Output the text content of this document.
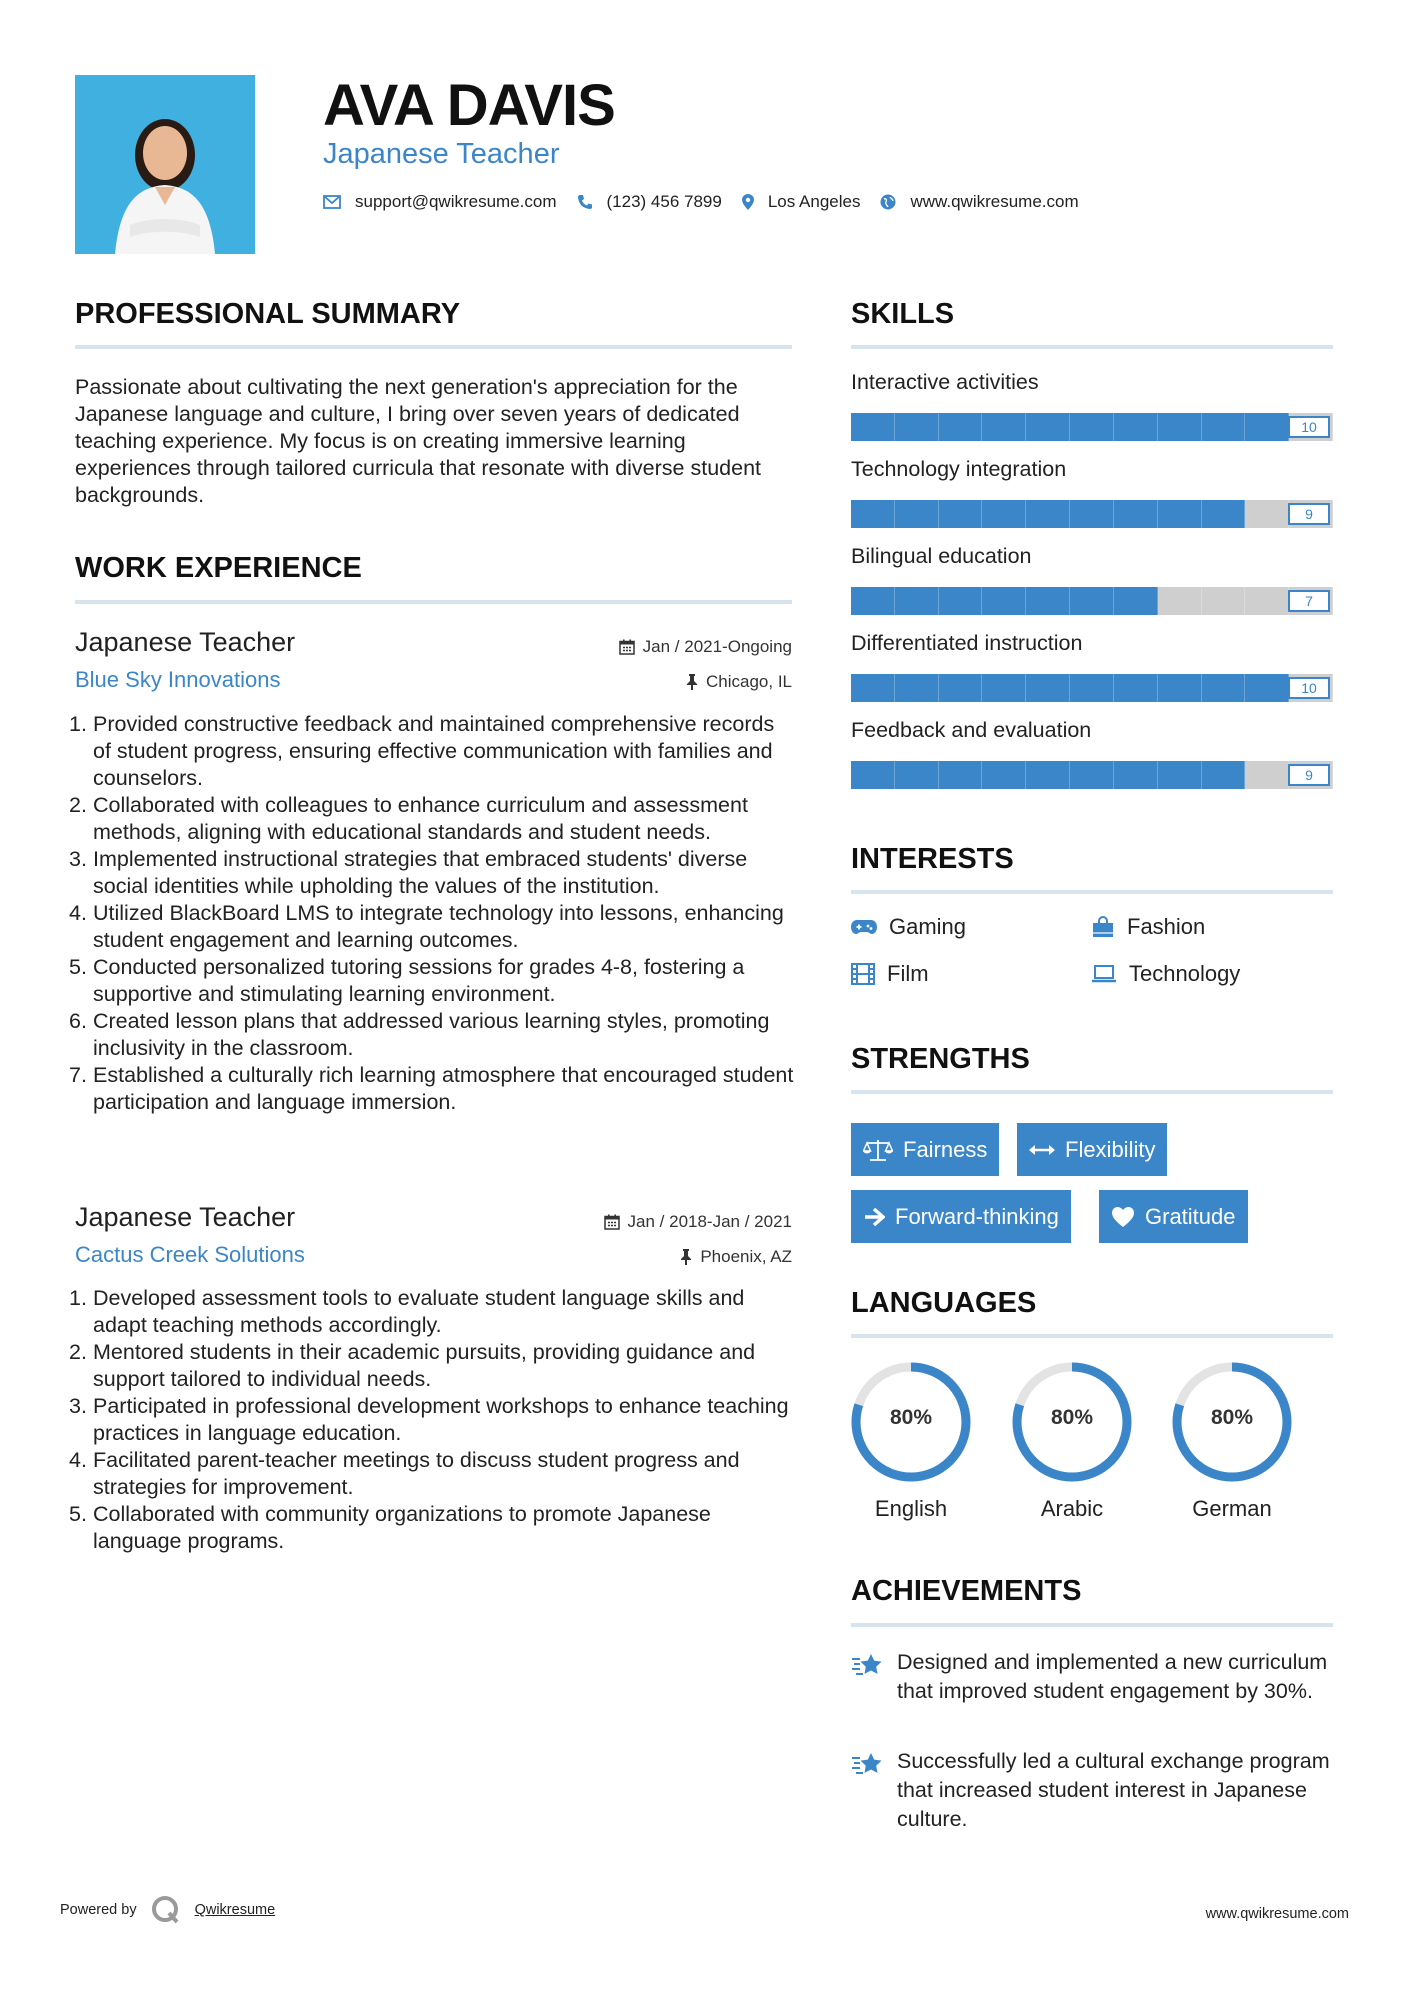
AVA DAVIS
Japanese Teacher
support@qwikresume.com	(123) 456 7899	Los Angeles	www.qwikresume.com
PROFESSIONAL SUMMARY
Passionate about cultivating the next generation's appreciation for the Japanese language and culture, I bring over seven years of dedicated teaching experience. My focus is on creating immersive learning experiences through tailored curricula that resonate with diverse student backgrounds.
WORK EXPERIENCE
Japanese Teacher
Blue Sky Innovations
Jan / 2021-Ongoing
Chicago, IL
1. Provided constructive feedback and maintained comprehensive records of student progress, ensuring effective communication with families and counselors.
2. Collaborated with colleagues to enhance curriculum and assessment methods, aligning with educational standards and student needs.
3. Implemented instructional strategies that embraced students' diverse social identities while upholding the values of the institution.
4. Utilized BlackBoard LMS to integrate technology into lessons, enhancing student engagement and learning outcomes.
5. Conducted personalized tutoring sessions for grades 4-8, fostering a supportive and stimulating learning environment.
6. Created lesson plans that addressed various learning styles, promoting inclusivity in the classroom.
7. Established a culturally rich learning atmosphere that encouraged student participation and language immersion.
Japanese Teacher
Cactus Creek Solutions
Jan / 2018-Jan / 2021
Phoenix, AZ
1. Developed assessment tools to evaluate student language skills and adapt teaching methods accordingly.
2. Mentored students in their academic pursuits, providing guidance and support tailored to individual needs.
3. Participated in professional development workshops to enhance teaching practices in language education.
4. Facilitated parent-teacher meetings to discuss student progress and strategies for improvement.
5. Collaborated with community organizations to promote Japanese language programs.
SKILLS
Interactive activities
10
Technology integration
9
Bilingual education
7
Differentiated instruction
10
Feedback and evaluation
9
INTERESTS
Gaming	Fashion
Film	Technology
STRENGTHS
Fairness	Flexibility
Forward-thinking	Gratitude
LANGUAGES
80%
English
80%
Arabic
80%
German
ACHIEVEMENTS
Designed and implemented a new curriculum that improved student engagement by 30%.
Successfully led a cultural exchange program that increased student interest in Japanese culture.
Powered by	Qwikresume	www.qwikresume.com
